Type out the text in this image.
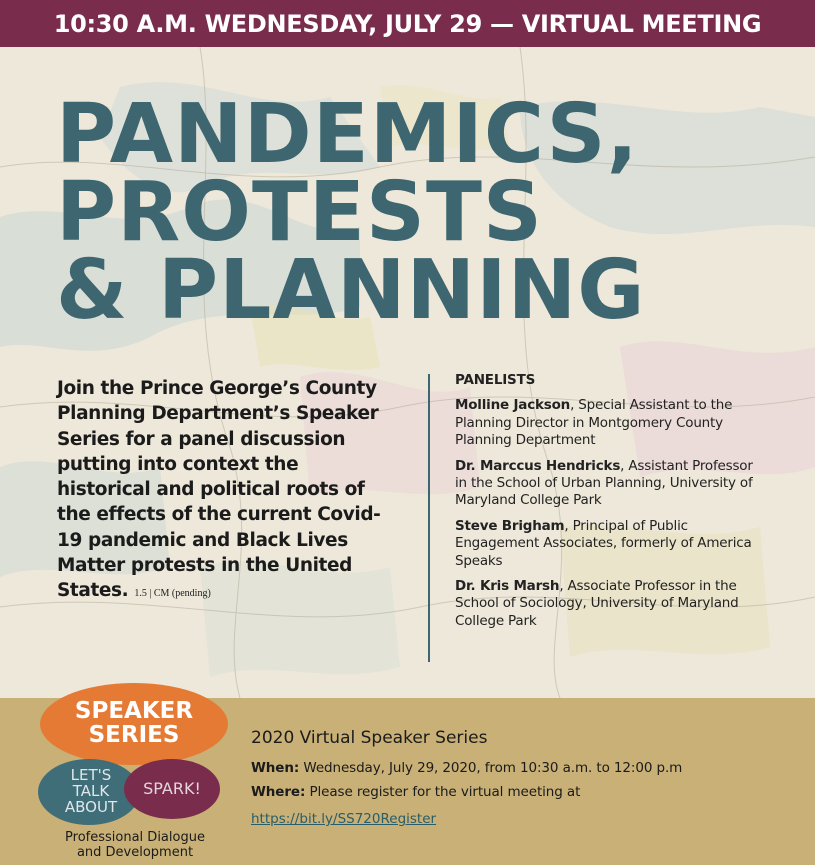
10:30 A.M. WEDNESDAY, JULY 29 — VIRTUAL MEETING
PANDEMICS,
PROTESTS
& PLANNING
Join the Prince George’s County Planning Department’s Speaker Series for a panel discussion putting into context the historical and political roots of the effects of the current Covid-19 pandemic and Black Lives Matter protests in the United States. 1.5 | CM (pending)
PANELISTS
Molline Jackson, Special Assistant to the Planning Director in Montgomery County Planning Department
Dr. Marccus Hendricks, Assistant Professor in the School of Urban Planning, University of Maryland College Park
Steve Brigham, Principal of Public Engagement Associates, formerly of America Speaks
Dr. Kris Marsh, Associate Professor in the School of Sociology, University of Maryland College Park
SPEAKER
SERIES
LET'S
TALK
ABOUT
SPARK!
Professional Dialogue
and Development
2020 Virtual Speaker Series
When: Wednesday, July 29, 2020, from 10:30 a.m. to 12:00 p.m
Where: Please register for the virtual meeting at
https://bit.ly/SS720Register
